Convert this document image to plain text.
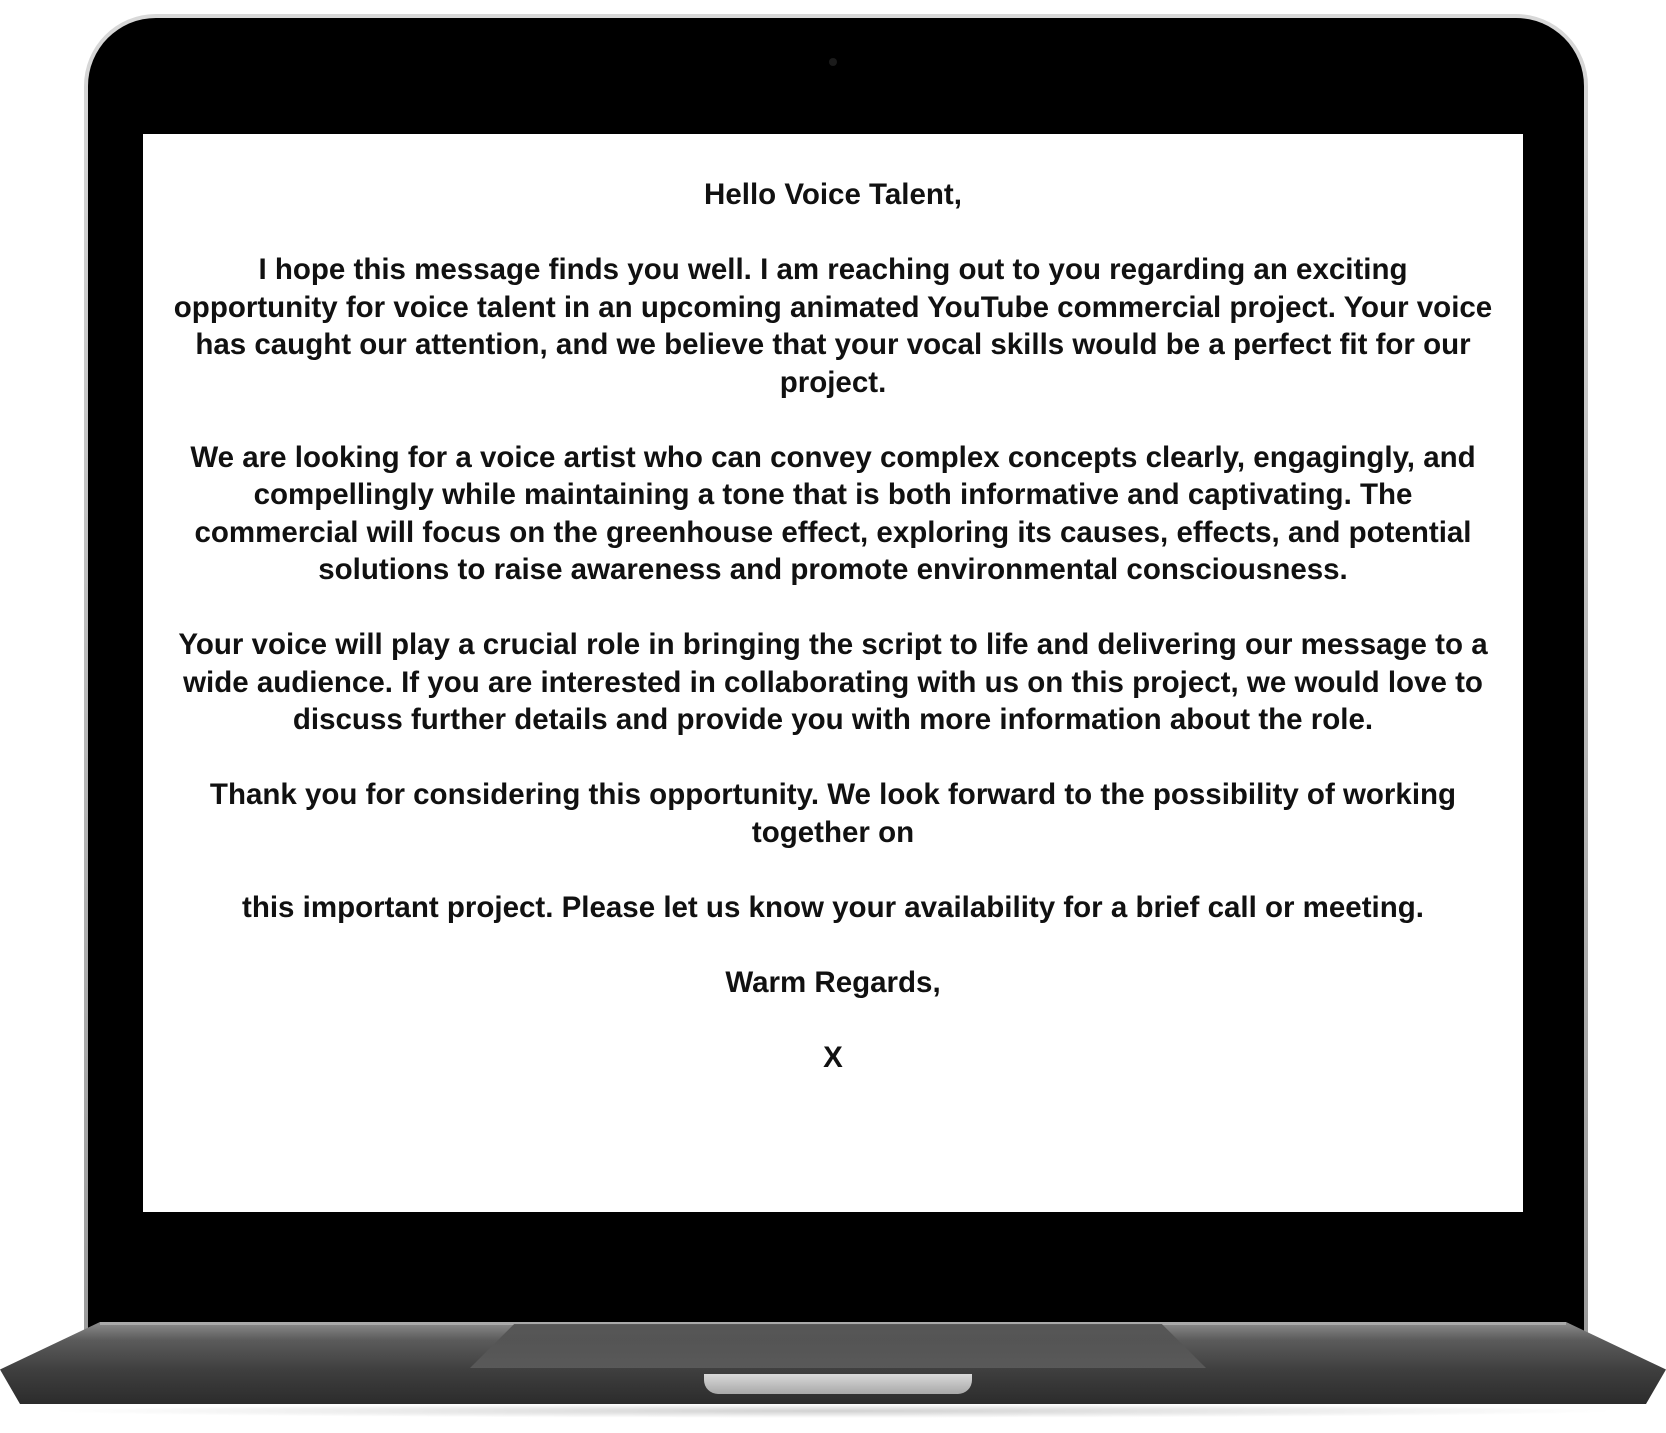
Hello Voice Talent,

I hope this message finds you well. I am reaching out to you regarding an exciting opportunity for voice talent in an upcoming animated YouTube commercial project. Your voice has caught our attention, and we believe that your vocal skills would be a perfect fit for our project.

We are looking for a voice artist who can convey complex concepts clearly, engagingly, and compellingly while maintaining a tone that is both informative and captivating. The commercial will focus on the greenhouse effect, exploring its causes, effects, and potential solutions to raise awareness and promote environmental consciousness.

Your voice will play a crucial role in bringing the script to life and delivering our message to a wide audience. If you are interested in collaborating with us on this project, we would love to discuss further details and provide you with more information about the role.

Thank you for considering this opportunity. We look forward to the possibility of working together on

this important project. Please let us know your availability for a brief call or meeting.

Warm Regards,

X
